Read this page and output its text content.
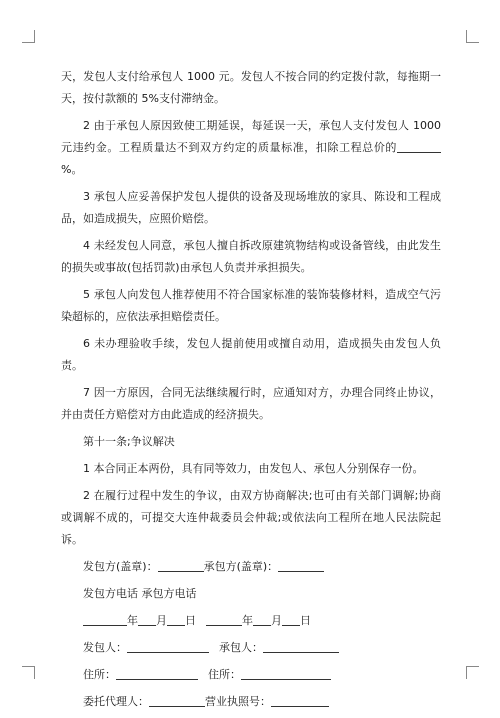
天，发包人支付给承包人 1000 元。发包人不按合同的约定拨付款，每拖期一天，按付款额的 5%支付滞纳金。

2 由于承包人原因致使工期延误，每延误一天，承包人支付发包人 1000 元违约金。工程质量达不到双方约定的质量标准，扣除工程总价的%。

3 承包人应妥善保护发包人提供的设备及现场堆放的家具、陈设和工程成品，如造成损失，应照价赔偿。

4 未经发包人同意，承包人擅自拆改原建筑物结构或设备管线，由此发生的损失或事故(包括罚款)由承包人负责并承担损失。

5 承包人向发包人推荐使用不符合国家标准的装饰装修材料，造成空气污染超标的，应依法承担赔偿责任。

6 未办理验收手续，发包人提前使用或擅自动用，造成损失由发包人负责。

7 因一方原因，合同无法继续履行时，应通知对方，办理合同终止协议，并由责任方赔偿对方由此造成的经济损失。

第十一条;争议解决

1 本合同正本两份，具有同等效力，由发包人、承包人分别保存一份。

2 在履行过程中发生的争议，由双方协商解决;也可由有关部门调解;协商或调解不成的，可提交大连仲裁委员会仲裁;或依法向工程所在地人民法院起诉。

发包方(盖章)：	承包方(盖章)：
发包方电话 承包方电话
年 月 日	年 月 日
发包人：	承包人：
住所：	住所：
委托代理人：	营业执照号：
